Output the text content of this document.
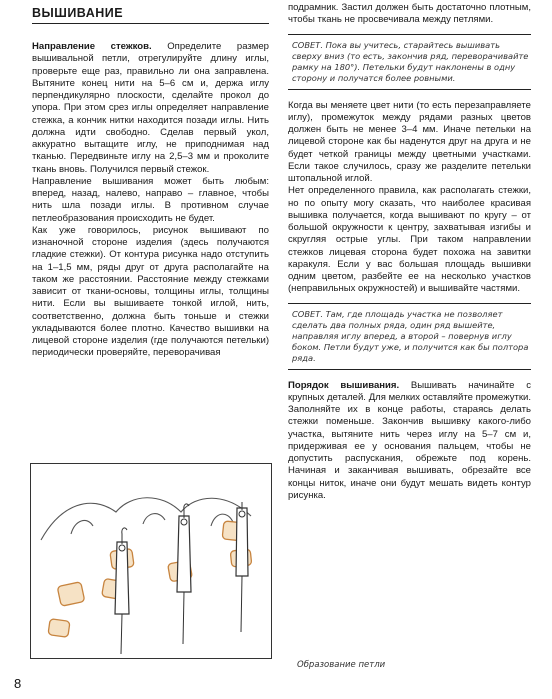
ВЫШИВАНИЕ

Направление стежков. Определите размер вышивальной петли, отрегулируйте длину иглы, проверьте еще раз, правильно ли она заправлена. Вытяните конец нити на 5–6 см и, держа иглу перпендикулярно плоскости, сделайте прокол до упора. При этом срез иглы определяет направление стежка, а кончик нитки находится позади иглы. Нить должна идти свободно. Сделав первый укол, аккуратно вытащите иглу, не приподнимая над тканью. Передвиньте иглу на 2,5–3 мм и проколите ткань вновь. Получился первый стежок.

Направление вышивания может быть любым: вперед, назад, налево, направо – главное, чтобы нить шла позади иглы. В противном случае петлеобразования происходить не будет.

Как уже говорилось, рисунок вышивают по изнаночной стороне изделия (здесь получаются гладкие стежки). От контура рисунка надо отступить на 1–1,5 мм, ряды друг от друга располагайте на таком же расстоянии. Расстояние между стежками зависит от ткани-основы, толщины иглы, толщины нити. Если вы вышиваете тонкой иглой, нить, соответственно, должна быть тоньше и стежки укладываются более плотно. Качество вышивки на лицевой стороне изделия (где получаются петельки) периодически проверяйте, переворачивая

подрамник. Застил должен быть достаточно плотным, чтобы ткань не просвечивала между петлями.

СОВЕТ. Пока вы учитесь, старайтесь вышивать сверху вниз (то есть, закончив ряд, переворачивайте рамку на 180°). Петельки будут наклонены в одну сторону и получатся более ровными.

Когда вы меняете цвет нити (то есть перезаправляете иглу), промежуток между рядами разных цветов должен быть не менее 3–4 мм. Иначе петельки на лицевой стороне как бы наденутся друг на друга и не будет четкой границы между цветными участками. Если такое случилось, сразу же разделите петельки штопальной иглой.

Нет определенного правила, как располагать стежки, но по опыту могу сказать, что наиболее красивая вышивка получается, когда вышивают по кругу – от большой окружности к центру, захватывая изгибы и скругляя острые углы. При таком направлении стежков лицевая сторона будет похожа на завитки каракуля. Если у вас большая площадь вышивки одним цветом, разбейте ее на несколько участков (неправильных окружностей) и вышивайте частями.

СОВЕТ. Там, где площадь участка не позволяет сделать два полных ряда, один ряд вышейте, направляя иглу вперед, а второй – повернув иглу боком. Петли будут уже, и получится как бы полтора ряда.

Порядок вышивания. Вышивать начинайте с крупных деталей. Для мелких оставляйте промежутки. Заполняйте их в конце работы, стараясь делать стежки поменьше. Закончив вышивку какого-либо участка, вытяните нить через иглу на 5–7 см и, придерживая ее у основания пальцем, чтобы не допустить распускания, обрежьте под корень. Начиная и заканчивая вышивать, обрезайте все концы ниток, иначе они будут мешать видеть контур рисунка.

Образование петли
8
